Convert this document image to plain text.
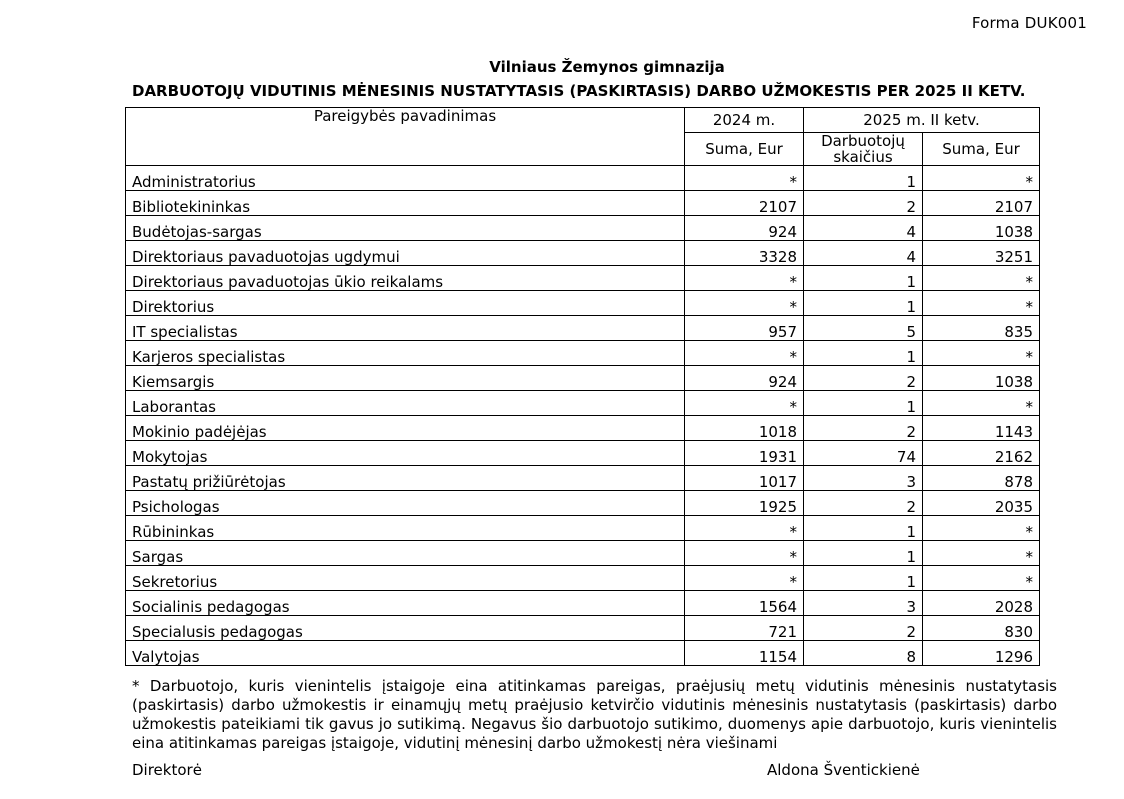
Forma DUK001
Vilniaus Žemynos gimnazija
DARBUOTOJŲ VIDUTINIS MĖNESINIS NUSTATYTASIS (PASKIRTASIS) DARBO UŽMOKESTIS PER 2025 II KETV.
Pareigybės pavadinimas	2024 m.	2025 m. II ketv.	
	Suma, Eur	Darbuotojų skaičius	Suma, Eur
Administratorius	*	1	*
Bibliotekininkas	2107	2	2107
Budėtojas-sargas	924	4	1038
Direktoriaus pavaduotojas ugdymui	3328	4	3251
Direktoriaus pavaduotojas ūkio reikalams	*	1	*
Direktorius	*	1	*
IT specialistas	957	5	835
Karjeros specialistas	*	1	*
Kiemsargis	924	2	1038
Laborantas	*	1	*
Mokinio padėjėjas	1018	2	1143
Mokytojas	1931	74	2162
Pastatų prižiūrėtojas	1017	3	878
Psichologas	1925	2	2035
Rūbininkas	*	1	*
Sargas	*	1	*
Sekretorius	*	1	*
Socialinis pedagogas	1564	3	2028
Specialusis pedagogas	721	2	830
Valytojas	1154	8	1296
* Darbuotojo, kuris vienintelis įstaigoje eina atitinkamas pareigas, praėjusių metų vidutinis mėnesinis nustatytasis (paskirtasis) darbo užmokestis ir einamųjų metų praėjusio ketvirčio vidutinis mėnesinis nustatytasis (paskirtasis) darbo užmokestis pateikiami tik gavus jo sutikimą. Negavus šio darbuotojo sutikimo, duomenys apie darbuotojo, kuris vienintelis eina atitinkamas pareigas įstaigoje, vidutinį mėnesinį darbo užmokestį nėra viešinami
Direktorė	Aldona Šventickienė
